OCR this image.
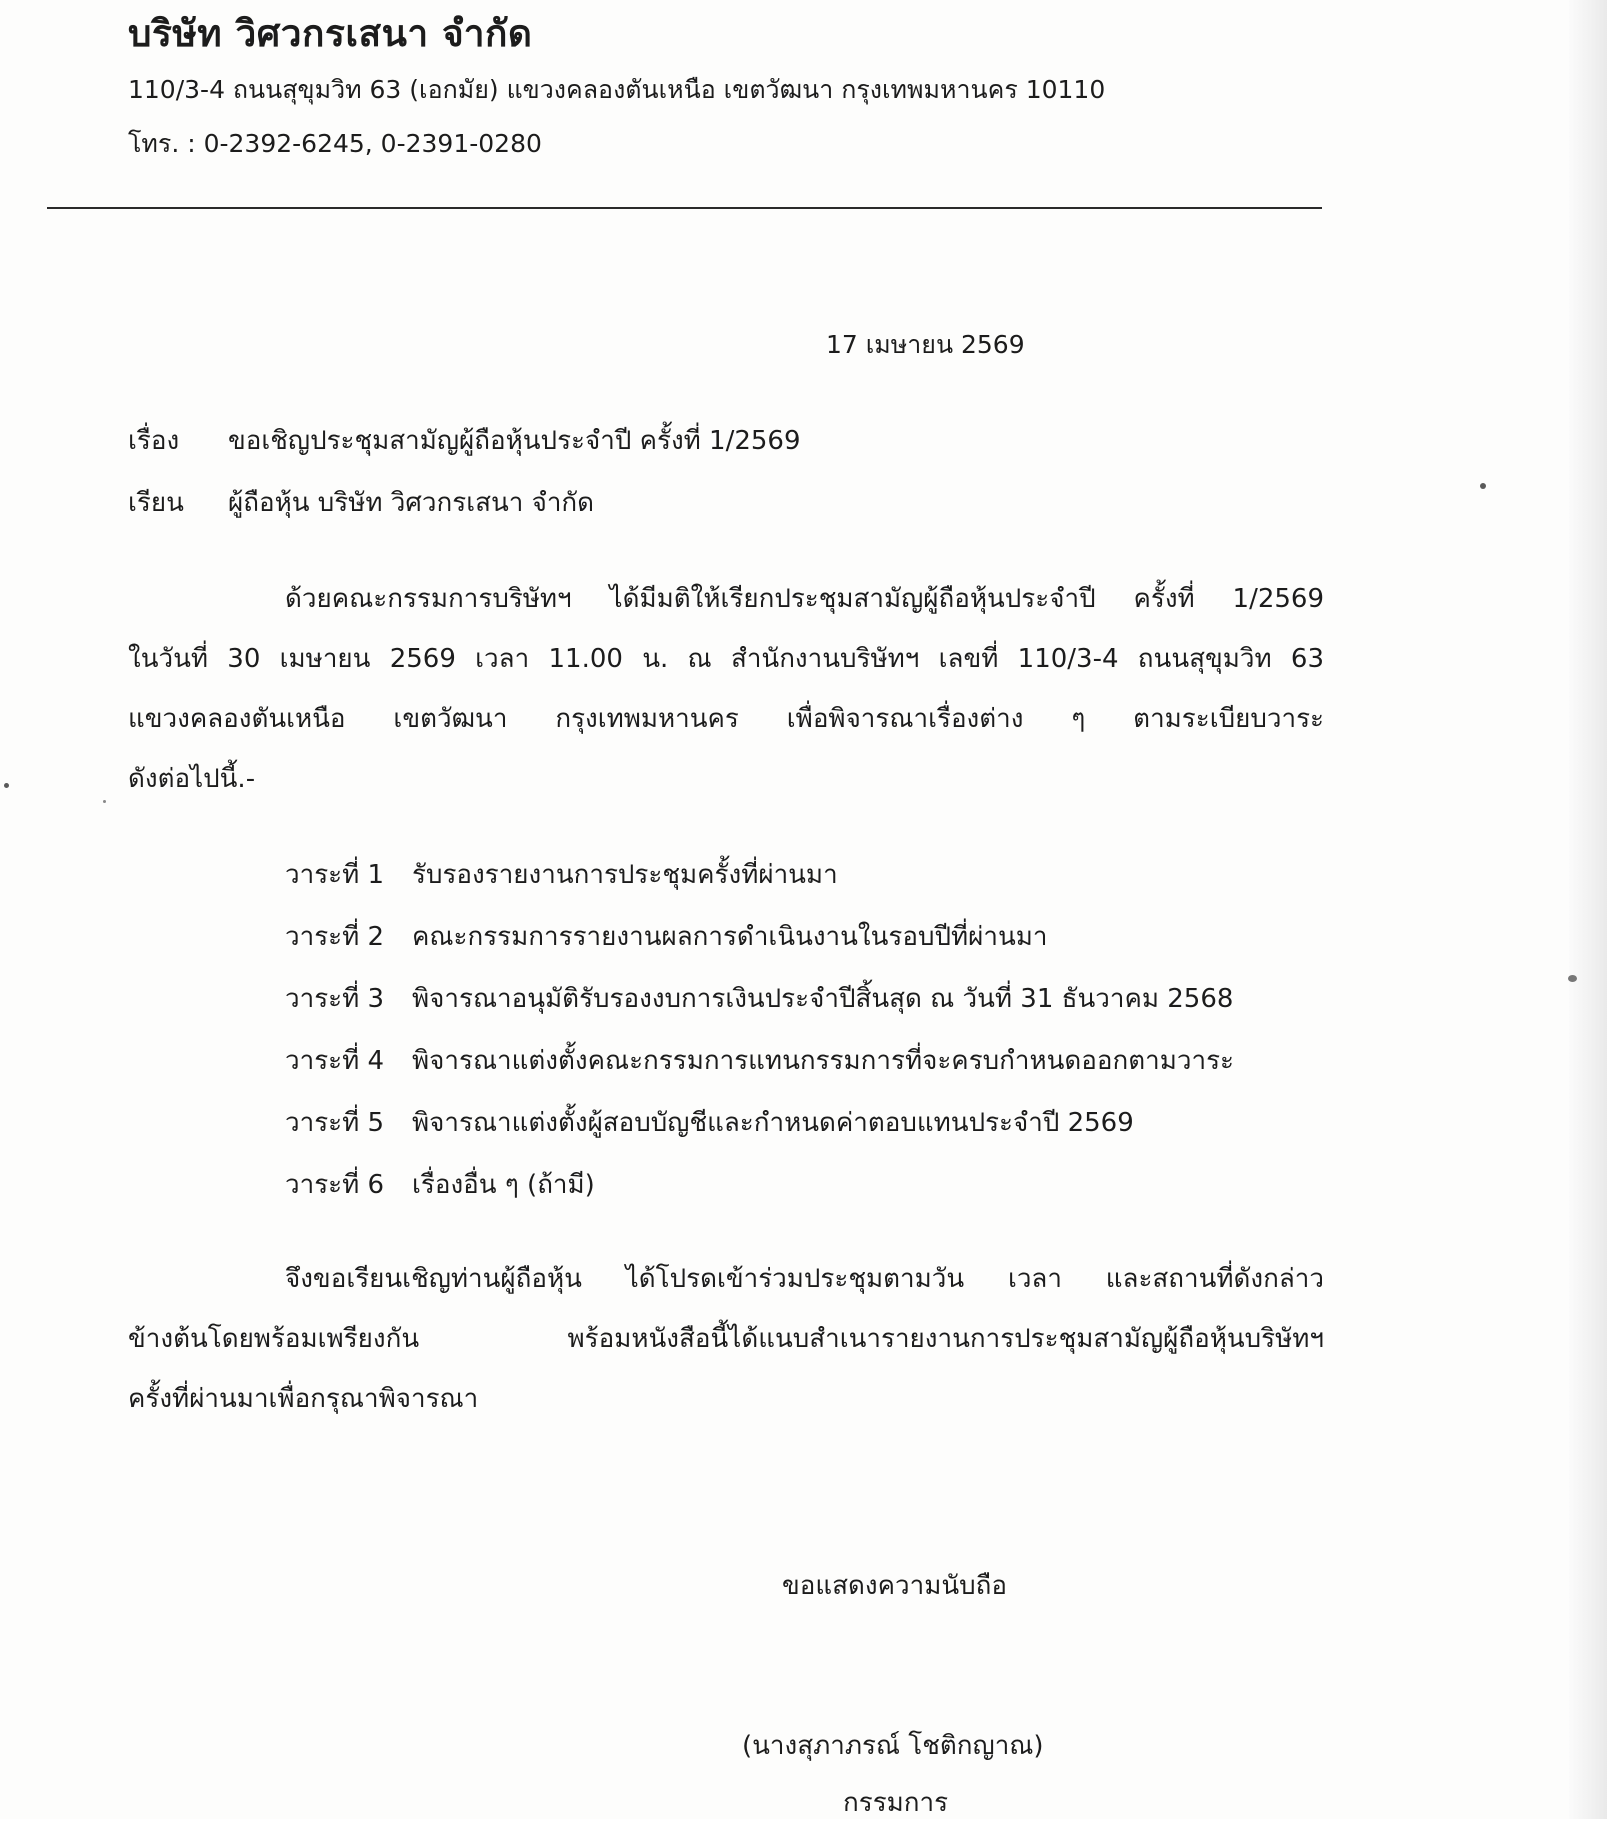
บริษัท วิศวกรเสนา จำกัด
110/3-4 ถนนสุขุมวิท 63 (เอกมัย) แขวงคลองตันเหนือ เขตวัฒนา กรุงเทพมหานคร 10110
โทร. : 0-2392-6245, 0-2391-0280
17 เมษายน 2569
เรื่อง ขอเชิญประชุมสามัญผู้ถือหุ้นประจำปี ครั้งที่ 1/2569
เรียน ผู้ถือหุ้น บริษัท วิศวกรเสนา จำกัด
ด้วยคณะกรรมการบริษัทฯ ได้มีมติให้เรียกประชุมสามัญผู้ถือหุ้นประจำปี ครั้งที่ 1/2569
ในวันที่ 30 เมษายน 2569 เวลา 11.00 น. ณ สำนักงานบริษัทฯ เลขที่ 110/3-4 ถนนสุขุมวิท 63
แขวงคลองตันเหนือ เขตวัฒนา กรุงเทพมหานคร เพื่อพิจารณาเรื่องต่าง ๆ ตามระเบียบวาระ
ดังต่อไปนี้.-
วาระที่ 1 รับรองรายงานการประชุมครั้งที่ผ่านมา
วาระที่ 2 คณะกรรมการรายงานผลการดำเนินงานในรอบปีที่ผ่านมา
วาระที่ 3 พิจารณาอนุมัติรับรองงบการเงินประจำปีสิ้นสุด ณ วันที่ 31 ธันวาคม 2568
วาระที่ 4 พิจารณาแต่งตั้งคณะกรรมการแทนกรรมการที่จะครบกำหนดออกตามวาระ
วาระที่ 5 พิจารณาแต่งตั้งผู้สอบบัญชีและกำหนดค่าตอบแทนประจำปี 2569
วาระที่ 6 เรื่องอื่น ๆ (ถ้ามี)
จึงขอเรียนเชิญท่านผู้ถือหุ้น ได้โปรดเข้าร่วมประชุมตามวัน เวลา และสถานที่ดังกล่าว
ข้างต้นโดยพร้อมเพรียงกัน พร้อมหนังสือนี้ได้แนบสำเนารายงานการประชุมสามัญผู้ถือหุ้นบริษัทฯ
ครั้งที่ผ่านมาเพื่อกรุณาพิจารณา
ขอแสดงความนับถือ
(นางสุภาภรณ์ โชติกญาณ)
กรรมการ
